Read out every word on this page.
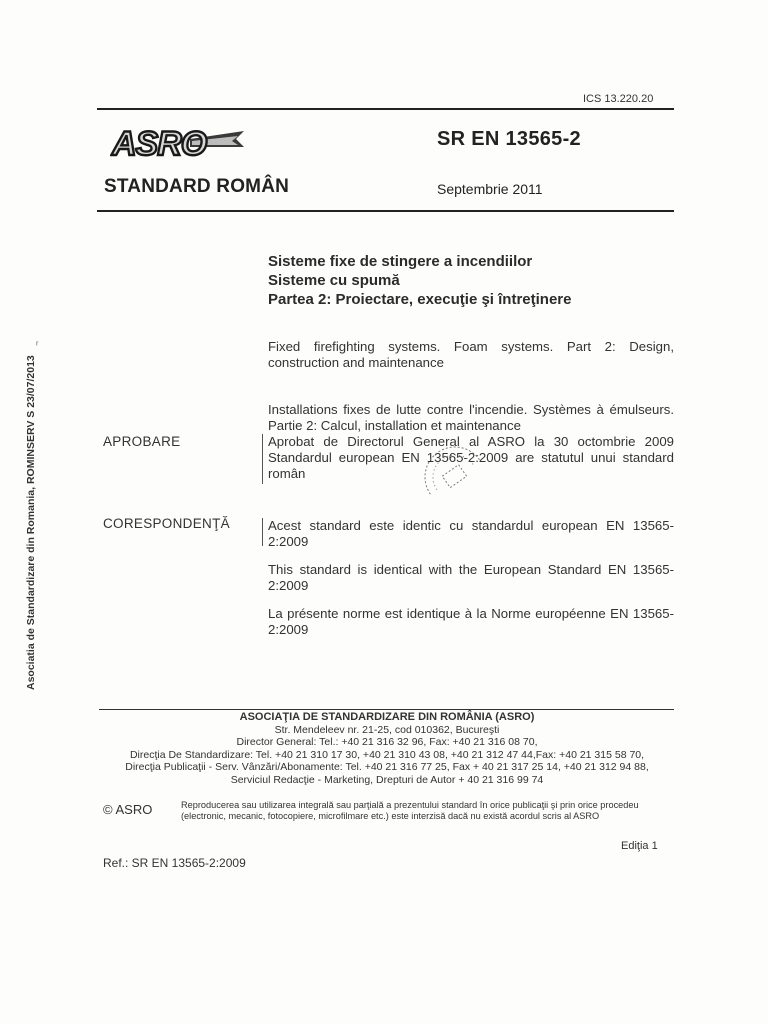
ICS 13.220.20
ASRO	SR EN 13565-2
STANDARD ROMÂN	Septembrie 2011
Sisteme fixe de stingere a incendiilor
Sisteme cu spumă
Partea 2: Proiectare, execuţie şi întreţinere
Fixed firefighting systems. Foam systems. Part 2: Design, construction and maintenance
Installations fixes de lutte contre l'incendie. Systèmes à émulseurs. Partie 2: Calcul, installation et maintenance
APROBARE	Aprobat de Directorul General al ASRO la 30 octombrie 2009 Standardul european EN 13565-2:2009 are statutul unui standard român
CORESPONDENŢĂ	Acest standard este identic cu standardul european EN 13565-2:2009
This standard is identical with the European Standard EN 13565-2:2009
La présente norme est identique à la Norme européenne EN 13565-2:2009
ʳ
Asociatia de Standardizare din Romania, ROMINSERV S 23/07/2013
ASOCIAŢIA DE STANDARDIZARE DIN ROMÂNIA (ASRO)
Str. Mendeleev nr. 21-25, cod 010362, Bucureşti
Director General: Tel.: +40 21 316 32 96, Fax: +40 21 316 08 70,
Direcţia De Standardizare: Tel. +40 21 310 17 30, +40 21 310 43 08, +40 21 312 47 44,Fax: +40 21 315 58 70,
Direcţia Publicaţii - Serv. Vânzări/Abonamente: Tel. +40 21 316 77 25, Fax + 40 21 317 25 14, +40 21 312 94 88,
Serviciul Redacţie - Marketing, Drepturi de Autor + 40 21 316 99 74
© ASRO	Reproducerea sau utilizarea integrală sau parţială a prezentului standard în orice publicaţii şi prin orice procedeu (electronic, mecanic, fotocopiere, microfilmare etc.) este interzisă dacă nu există acordul scris al ASRO
Ediţia 1
Ref.: SR EN 13565-2:2009
